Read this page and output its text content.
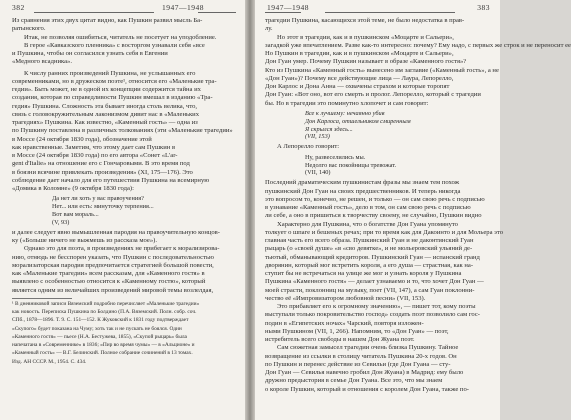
382	1947—1948
Из сравнения этих двух цитат видно, как Пушкин развил мысль Ба-
ратынского.
Итак, не позволяя ошибиться, читатель не посетует на уподобление.
В героe «Кавказского пленника» с восторгом узнавали себя «все
и Пушкина, чтобы он согласился узнать себя в Евгении
«Медного всадника».
К числу ранних произведений Пушкина, не услышанных его
современниками, но в дружеском поэте¹, относится его «Маленькие тра-
гедии». Быть может, не в одной их концепции содержится тайна их
создания, которая по справедливости Пушкин вмешал в изданию «Тра-
гедия» Пушкина. Сложность эта бывает иногда столь велика, что,
связь с головокружительным лаконизмом дивит нас в «Маленьких
трагедиях» Пушкина. Как известно, «Каменный гость» — одна из
по Пушкину поставлена в различных толкованиях (эти «Маленькие трагедии»
в Моссе (24 октября 1830 года), обозначение этой
как нравственные. Заметим, что этому дает сам Пушкин в
в Моссе (24 октября 1830 года) по его автора «Сонет «L'ar-
gent d'Italie» на отношение его с Гончаровыми. В это время под
в боязни всячине привлекать произведения» (XI, 175—176). Это
соблюдение дает начало для его путешествия Пушкина на всемирную
«Домика в Коломне» (9 октября 1830 года):
Да нет ли хоть у вас правоучения?
Нет... или есть: минуточку терпения...
Вот вам мораль...
(V, 93)
и далее следует явно вымышленная пародия на правоучительную концов-
ку («Больше ничего не выжмешь из рассказа мое»).
Однако это для поэта, в произведениях не прибегает к морализирова-
нию, отнюдь не бесспорен указать, что Пушкин с последовательностью
морализаторская пародия предпочитается стратегией большой повести,
как «Маленькие трагедии» всем рассказам, для «Каменного гостя» в
выявлено с особенностью относится к «Каменному гостю», который
является одним из величайших произведений мировой темы возлелдая,
¹ В дневниковой записи Вяземский подробно перечисляет «Маленькие трагедии»
как новость. Переписка Пушкина по Болдино (П.А. Вяземский. Полн. собр. соч.
СПб., 1878—1896. Т. 9. С. 151—152. К Жуковский к 1831 году подтверждает
«Скупого» будет показана на Чуму; хоть так и не пускать не боялся. Один
«Каменного гостя» — пьесе (Н.А. Бестужева, 1855), «Скупой рыцарь» была
напечатана в «Современнике» в 1836; «Пир во время чумы» — в «Альционе» и
«Каменный гость» — В.Г. Белинский. Полное собрание сочинений в 13 томах.
Изд. АН СССР. М., 1954. С. 434.
1947—1948	383
трагедии Пушкина, касающихся этой теме, не было недостатка в прав-
лу.
Но этот в трагедии, как и в пушкинском «Моцарте и Сальери»,
загадкой уже впечатлением. Разве как-то интересно: почему? Ему надо, с первых же строк и не переносит ее
Но Пушкин в трагедии, как и в пушкинском «Моцарте и Сальери»,
Дон Гуан умер. Почему Пушкин называет в образе «Каменного гостя»?
Кто из Пушкина «Каменный гость» вынесено им заглавие («Каменный гость», а не
«Дон Гуан»)? Почему все действующие лица — Лаура, Лепорелло,
Дон Карлос и Дона Анна — охвачены страхом и которые торопят
Дон Гуан: «Вот оно, вот его смерть и пролог. Лепорелло, который с трагедии
бы. Но в трагедии это поминутно хлопочет и сам говорит:
Все к лучшему: нечаянно убив
Дон Карлоса, отшельником смиренным
Я скрылся здесь...
(VII, 153)
А Лепорелло говорит:
Ну, развеселились мы.
Недолго вас покойницы тревожат.
(VII, 140)
Последний драматическим пушкинистам фразы мы знаем тем похож
пушкинский Дон Гуан на своих предшественников. И теперь никогда
это вопросом то, конечно, не решен, и только — он сам свою речь с подписью
в узнавание «Каменный гость», дело в том, он сам свою речь с подписью
ли себе, а оно в пришиться к творчеству своему, не случайно, Пушкин видно
Характерно для Пушкина, что о богатстве Дон Гуана упомянуто
толкует о шпаге и бешеных речах; при то время как для Дакоинто и для Мольера это
главная часть его всего образа. Пушкинский Гуан и не даконтинский Гуан
рыцарь (о «своей душе» «в «сво девятке», и не мольеровский ульяний де-
тьютый, обманывающий кредиторов. Пушкинский Гуан — испанский гранд
дворянин, который мог встретить короля, а его душа — страстная, как на-
ступит бы не встречаться на улице же мог и узнать короля у Пушкина
Пушкина «Каменного гостя» — делает узнаваемо и то, что хочет Дон Гуан —
моей страсти, поклонниц на музыку, поет (VII, 147), а сам Гуан поклонни-
чество её «Импровизатором любовной песни» (VII, 153).
Это прибавляет его к огромному значению», — пишет тот, кому поэты
выступали только покровительство господ» создать поэт позволило сам гос-
подин в «Египетских ночах» Чарский, повторя изложен-
ными Пушкином (VII, 1, 266). Напомним, то «Дон Гуан» — поэт,
истребитель всего свободы в нашем Дон Жуана поэт.
Сам сюжетная замысел трагедии очень близка Пушкину. Тайное
возвращение из ссылки в столицу читатель Пушкина 20-х годов. Он
по Пушкин и перенес действие из Севильи (где Дон Гуана — сту-
Дон Гуан — Севилья навечно гробил Дон Жуана) в Мадрид: ему было
дружно предыстория в семье Дон Гуана. Все это, что мы знаем
о короле Пушкин, который и отношения с королем Дон Гуана, также по-
